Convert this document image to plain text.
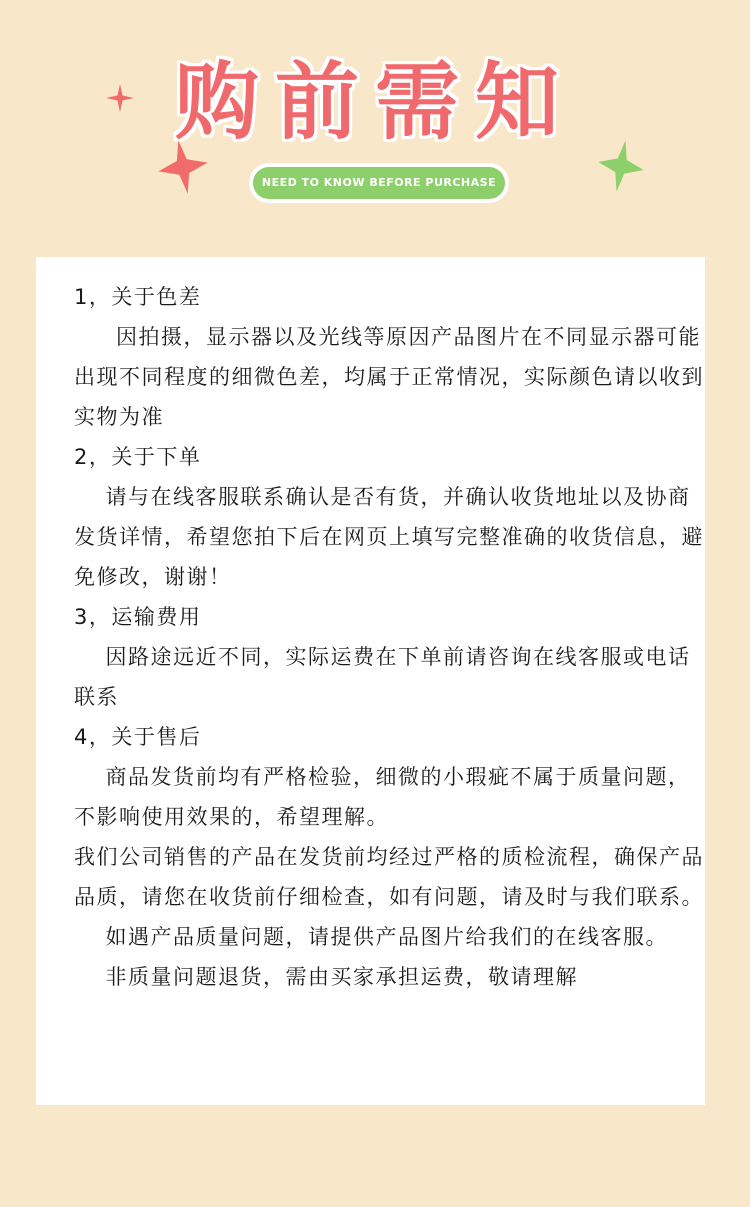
购前需知
NEED TO KNOW BEFORE PURCHASE

1，关于色差

因拍摄，显示器以及光线等原因产品图片在不同显示器可能出现不同程度的细微色差，均属于正常情况，实际颜色请以收到实物为准

2，关于下单

请与在线客服联系确认是否有货，并确认收货地址以及协商发货详情，希望您拍下后在网页上填写完整准确的收货信息，避免修改，谢谢！

3，运输费用

因路途远近不同，实际运费在下单前请咨询在线客服或电话联系

4，关于售后

商品发货前均有严格检验，细微的小瑕疵不属于质量问题，不影响使用效果的，希望理解。

我们公司销售的产品在发货前均经过严格的质检流程，确保产品品质，请您在收货前仔细检查，如有问题，请及时与我们联系。

如遇产品质量问题，请提供产品图片给我们的在线客服。

非质量问题退货，需由买家承担运费，敬请理解
